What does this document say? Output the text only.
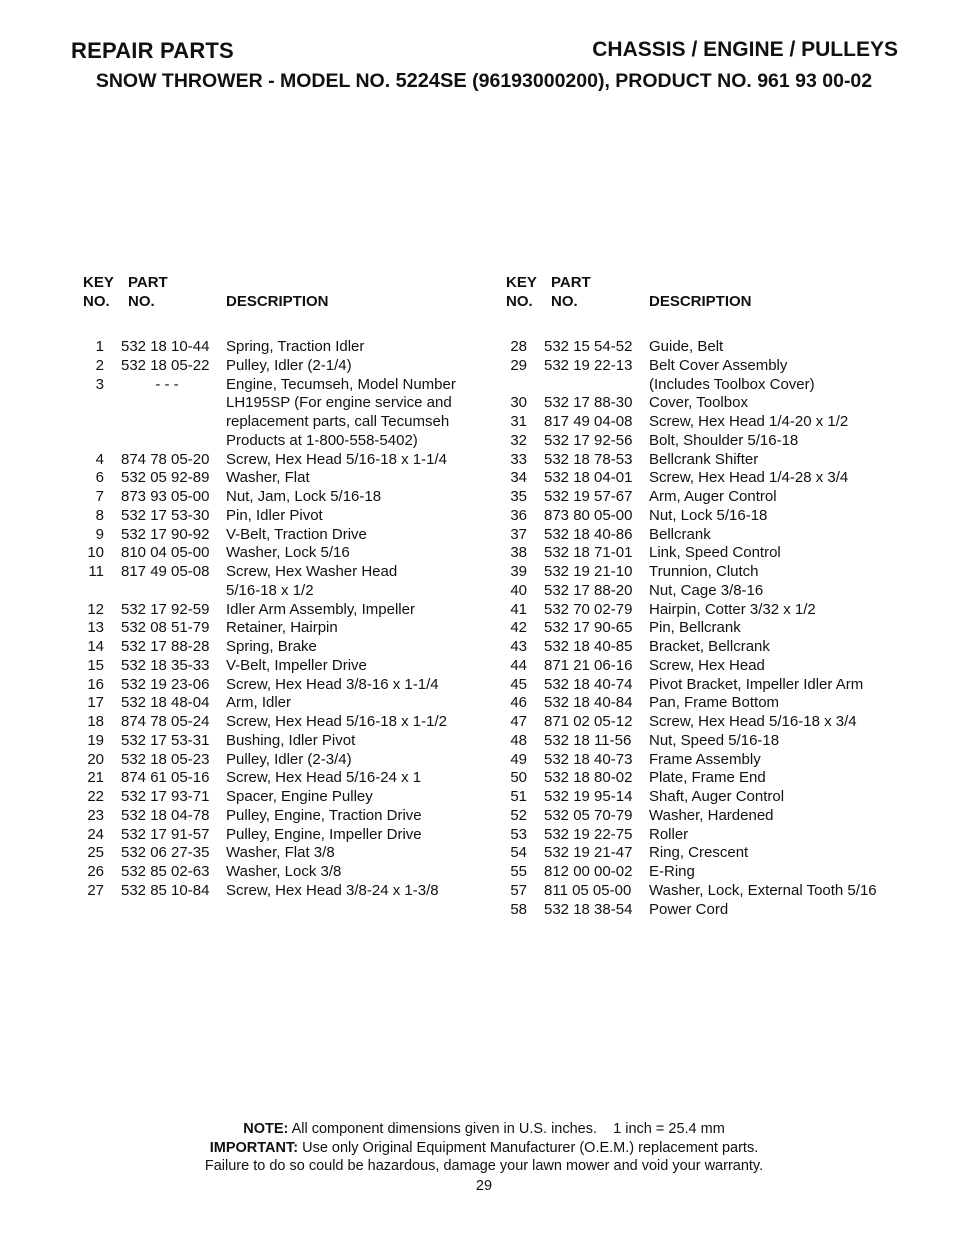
REPAIR PARTS	CHASSIS / ENGINE / PULLEYS
SNOW THROWER - MODEL NO. 5224SE (96193000200), PRODUCT NO. 961 93 00-02
KEY
NO.
PART
NO.	DESCRIPTION
1 532 18 10-44 Spring, Traction Idler
2 532 18 05-22 Pulley, Idler (2-1/4)
3	- - -	Engine, Tecumseh, Model Number
LH195SP (For engine service and
replacement parts, call Tecumseh
Products at 1-800-558-5402)
4 874 78 05-20 Screw, Hex Head 5/16-18 x 1-1/4
6 532 05 92-89 Washer, Flat
7 873 93 05-00 Nut, Jam, Lock 5/16-18
8 532 17 53-30 Pin, Idler Pivot
9 532 17 90-92 V-Belt, Traction Drive
10 810 04 05-00 Washer, Lock 5/16
11 817 49 05-08 Screw, Hex Washer Head
5/16-18 x 1/2
12 532 17 92-59 Idler Arm Assembly, Impeller
13 532 08 51-79 Retainer, Hairpin
14 532 17 88-28 Spring, Brake
15 532 18 35-33 V-Belt, Impeller Drive
16 532 19 23-06 Screw, Hex Head 3/8-16 x 1-1/4
17 532 18 48-04 Arm, Idler
18 874 78 05-24 Screw, Hex Head 5/16-18 x 1-1/2
19 532 17 53-31 Bushing, Idler Pivot
20 532 18 05-23 Pulley, Idler (2-3/4)
21 874 61 05-16 Screw, Hex Head 5/16-24 x 1
22 532 17 93-71 Spacer, Engine Pulley
23 532 18 04-78 Pulley, Engine, Traction Drive
24 532 17 91-57 Pulley, Engine, Impeller Drive
25 532 06 27-35 Washer, Flat 3/8
26 532 85 02-63 Washer, Lock 3/8
27 532 85 10-84 Screw, Hex Head 3/8-24 x 1-3/8
KEY
NO.
PART
NO.	DESCRIPTION
28 532 15 54-52 Guide, Belt
29 532 19 22-13 Belt Cover Assembly
(Includes Toolbox Cover)
30 532 17 88-30 Cover, Toolbox
31 817 49 04-08 Screw, Hex Head 1/4-20 x 1/2
32 532 17 92-56 Bolt, Shoulder 5/16-18
33 532 18 78-53 Bellcrank Shifter
34 532 18 04-01 Screw, Hex Head 1/4-28 x 3/4
35 532 19 57-67 Arm, Auger Control
36 873 80 05-00 Nut, Lock 5/16-18
37 532 18 40-86 Bellcrank
38 532 18 71-01 Link, Speed Control
39 532 19 21-10 Trunnion, Clutch
40 532 17 88-20 Nut, Cage 3/8-16
41 532 70 02-79 Hairpin, Cotter 3/32 x 1/2
42 532 17 90-65 Pin, Bellcrank
43 532 18 40-85 Bracket, Bellcrank
44 871 21 06-16 Screw, Hex Head
45 532 18 40-74 Pivot Bracket, Impeller Idler Arm
46 532 18 40-84 Pan, Frame Bottom
47 871 02 05-12 Screw, Hex Head 5/16-18 x 3/4
48 532 18 11-56 Nut, Speed 5/16-18
49 532 18 40-73 Frame Assembly
50 532 18 80-02 Plate, Frame End
51 532 19 95-14 Shaft, Auger Control
52 532 05 70-79 Washer, Hardened
53 532 19 22-75 Roller
54 532 19 21-47 Ring, Crescent
55 812 00 00-02 E-Ring
57 811 05 05-00 Washer, Lock, External Tooth 5/16
58 532 18 38-54 Power Cord
NOTE: All component dimensions given in U.S. inches. 1 inch = 25.4 mm
IMPORTANT: Use only Original Equipment Manufacturer (O.E.M.) replacement parts.
Failure to do so could be hazardous, damage your lawn mower and void your warranty.
29
